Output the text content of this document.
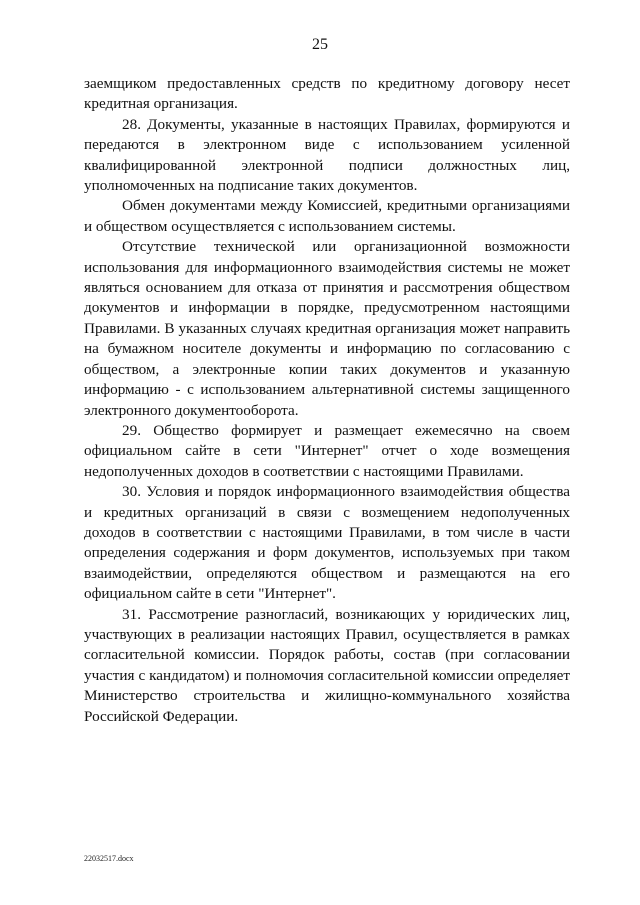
25

заемщиком предоставленных средств по кредитному договору несет кредитная организация.

28. Документы, указанные в настоящих Правилах, формируются и передаются в электронном виде с использованием усиленной квалифицированной электронной подписи должностных лиц, уполномоченных на подписание таких документов.

Обмен документами между Комиссией, кредитными организациями и обществом осуществляется с использованием системы.

Отсутствие технической или организационной возможности использования для информационного взаимодействия системы не может являться основанием для отказа от принятия и рассмотрения обществом документов и информации в порядке, предусмотренном настоящими Правилами. В указанных случаях кредитная организация может направить на бумажном носителе документы и информацию по согласованию с обществом, а электронные копии таких документов и указанную информацию - с использованием альтернативной системы защищенного электронного документооборота.

29. Общество формирует и размещает ежемесячно на своем официальном сайте в сети "Интернет" отчет о ходе возмещения недополученных доходов в соответствии с настоящими Правилами.

30. Условия и порядок информационного взаимодействия общества и кредитных организаций в связи с возмещением недополученных доходов в соответствии с настоящими Правилами, в том числе в части определения содержания и форм документов, используемых при таком взаимодействии, определяются обществом и размещаются на его официальном сайте в сети "Интернет".

31. Рассмотрение разногласий, возникающих у юридических лиц, участвующих в реализации настоящих Правил, осуществляется в рамках согласительной комиссии. Порядок работы, состав (при согласовании участия с кандидатом) и полномочия согласительной комиссии определяет Министерство строительства и жилищно-коммунального хозяйства Российской Федерации.

22032517.docx
